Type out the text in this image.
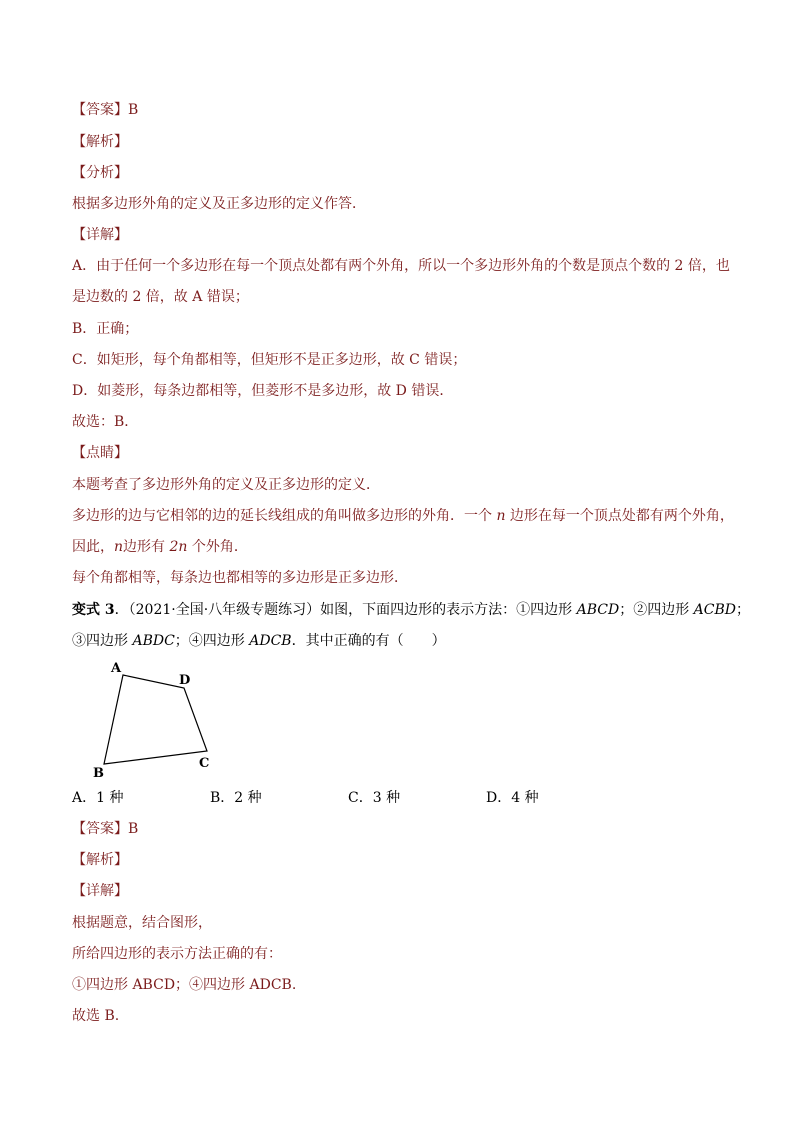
【答案】B

【解析】

【分析】

根据多边形外角的定义及正多边形的定义作答．

【详解】

A．由于任何一个多边形在每一个顶点处都有两个外角，所以一个多边形外角的个数是顶点个数的 2 倍，也

是边数的 2 倍，故 A 错误；

B．正确；

C．如矩形，每个角都相等，但矩形不是正多边形，故 C 错误；

D．如菱形，每条边都相等，但菱形不是多边形，故 D 错误．

故选：B．

【点睛】

本题考查了多边形外角的定义及正多边形的定义．

多边形的边与它相邻的边的延长线组成的角叫做多边形的外角．一个 n 边形在每一个顶点处都有两个外角，

因此，n边形有 2n 个外角．

每个角都相等，每条边也都相等的多边形是正多边形．

变式 3．（2021·全国·八年级专题练习）如图，下面四边形的表示方法：①四边形 ABCD；②四边形 ACBD；

③四边形 ABDC；④四边形 ADCB．其中正确的有（　　）

A
B
C
D
A．1 种	B．2 种	C．3 种	D．4 种

【答案】B

【解析】

【详解】

根据题意，结合图形，

所给四边形的表示方法正确的有：

①四边形 ABCD；④四边形 ADCB.

故选 B.
